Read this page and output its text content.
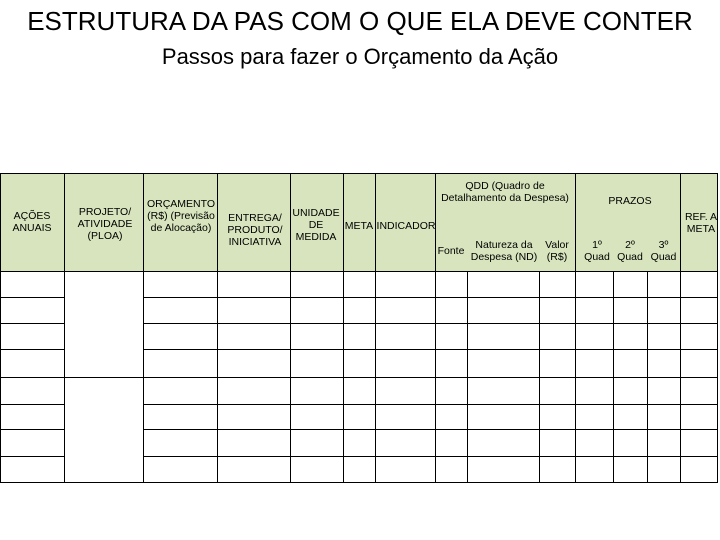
ESTRUTURA DA PAS COM O QUE ELA DEVE CONTER
Passos para fazer o Orçamento da Ação
AÇÕES ANUAIS
PROJETO/ ATIVIDADE (PLOA)
ORÇAMENTO (R$) (Previsão de Alocação)
ENTREGA/ PRODUTO/ INICIATIVA
UNIDADE DE MEDIDA
META INDICADOR
QDD (Quadro de Detalhamento da Despesa)
Fonte	Natureza da Despesa (ND)
Valor (R$)
PRAZOS
1º Quad
2º Quad
3º Quad
REF. A META
